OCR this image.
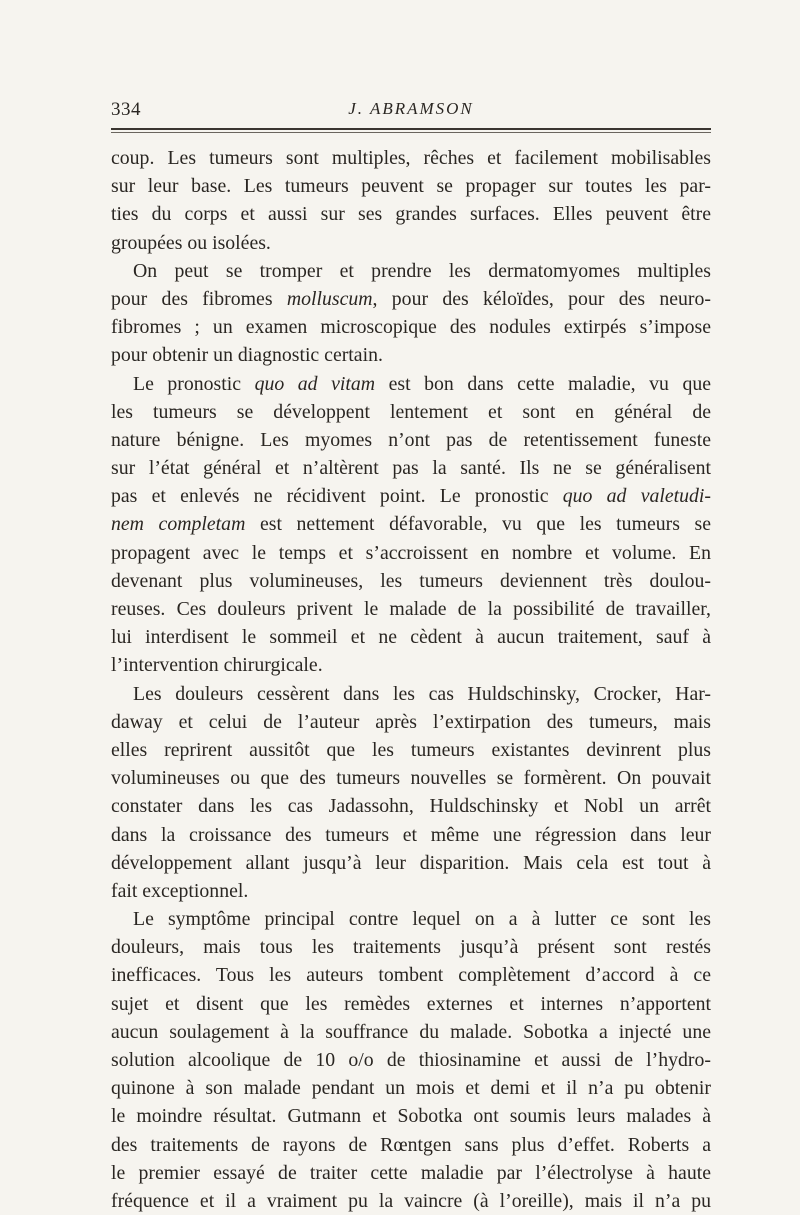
334	J. ABRAMSON
coup. Les tumeurs sont multiples, rêches et facilement mobilisables
sur leur base. Les tumeurs peuvent se propager sur toutes les par-
ties du corps et aussi sur ses grandes surfaces. Elles peuvent être
groupées ou isolées.
On peut se tromper et prendre les dermatomyomes multiples
pour des fibromes molluscum, pour des kéloïdes, pour des neuro-
fibromes ; un examen microscopique des nodules extirpés s’impose
pour obtenir un diagnostic certain.
Le pronostic quo ad vitam est bon dans cette maladie, vu que
les tumeurs se développent lentement et sont en général de
nature bénigne. Les myomes n’ont pas de retentissement funeste
sur l’état général et n’altèrent pas la santé. Ils ne se généralisent
pas et enlevés ne récidivent point. Le pronostic quo ad valetudi-
nem completam est nettement défavorable, vu que les tumeurs se
propagent avec le temps et s’accroissent en nombre et volume. En
devenant plus volumineuses, les tumeurs deviennent très doulou-
reuses. Ces douleurs privent le malade de la possibilité de travailler,
lui interdisent le sommeil et ne cèdent à aucun traitement, sauf à
l’intervention chirurgicale.
Les douleurs cessèrent dans les cas Huldschinsky, Crocker, Har-
daway et celui de l’auteur après l’extirpation des tumeurs, mais
elles reprirent aussitôt que les tumeurs existantes devinrent plus
volumineuses ou que des tumeurs nouvelles se formèrent. On pouvait
constater dans les cas Jadassohn, Huldschinsky et Nobl un arrêt
dans la croissance des tumeurs et même une régression dans leur
développement allant jusqu’à leur disparition. Mais cela est tout à
fait exceptionnel.
Le symptôme principal contre lequel on a à lutter ce sont les
douleurs, mais tous les traitements jusqu’à présent sont restés
inefficaces. Tous les auteurs tombent complètement d’accord à ce
sujet et disent que les remèdes externes et internes n’apportent
aucun soulagement à la souffrance du malade. Sobotka a injecté une
solution alcoolique de 10 o/o de thiosinamine et aussi de l’hydro-
quinone à son malade pendant un mois et demi et il n’a pu obtenir
le moindre résultat. Gutmann et Sobotka ont soumis leurs malades à
des traitements de rayons de Rœntgen sans plus d’effet. Roberts a
le premier essayé de traiter cette maladie par l’électrolyse à haute
fréquence et il a vraiment pu la vaincre (à l’oreille), mais il n’a pu
